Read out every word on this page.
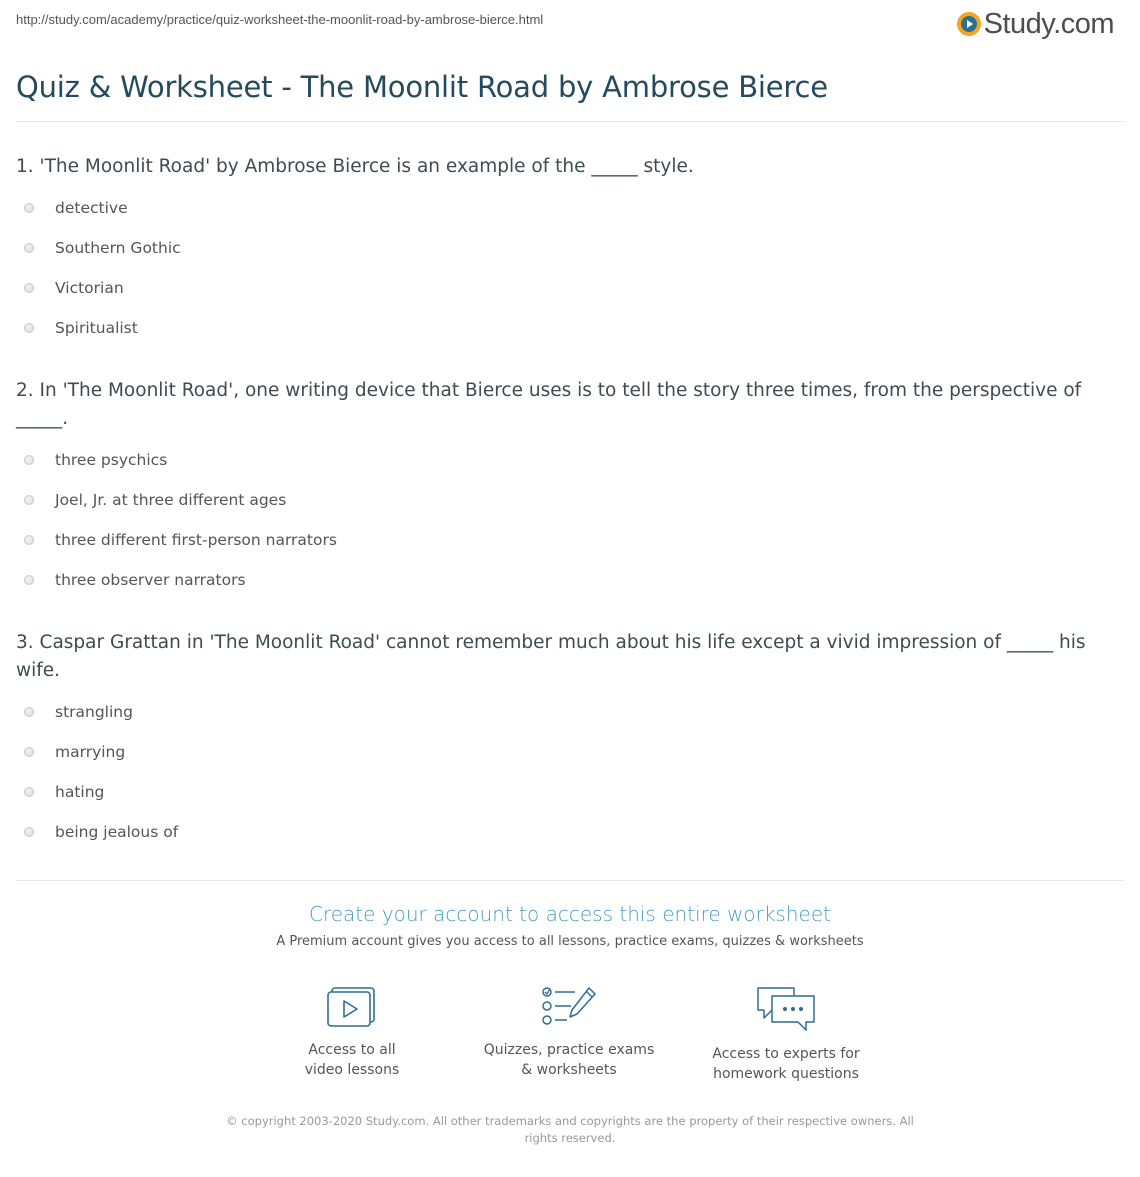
http://study.com/academy/practice/quiz-worksheet-the-moonlit-road-by-ambrose-bierce.html	Study.com
Quiz & Worksheet - The Moonlit Road by Ambrose Bierce
1. 'The Moonlit Road' by Ambrose Bierce is an example of the _____ style.
detective
Southern Gothic
Victorian
Spiritualist
2. In 'The Moonlit Road', one writing device that Bierce uses is to tell the story three times, from the perspective of _____.
three psychics
Joel, Jr. at three different ages
three different first-person narrators
three observer narrators
3. Caspar Grattan in 'The Moonlit Road' cannot remember much about his life except a vivid impression of _____ his wife.
strangling
marrying
hating
being jealous of
Create your account to access this entire worksheet
A Premium account gives you access to all lessons, practice exams, quizzes & worksheets
Access to all
video lessons
Quizzes, practice exams
& worksheets
Access to experts for
homework questions
© copyright 2003-2020 Study.com. All other trademarks and copyrights are the property of their respective owners. All rights reserved.
